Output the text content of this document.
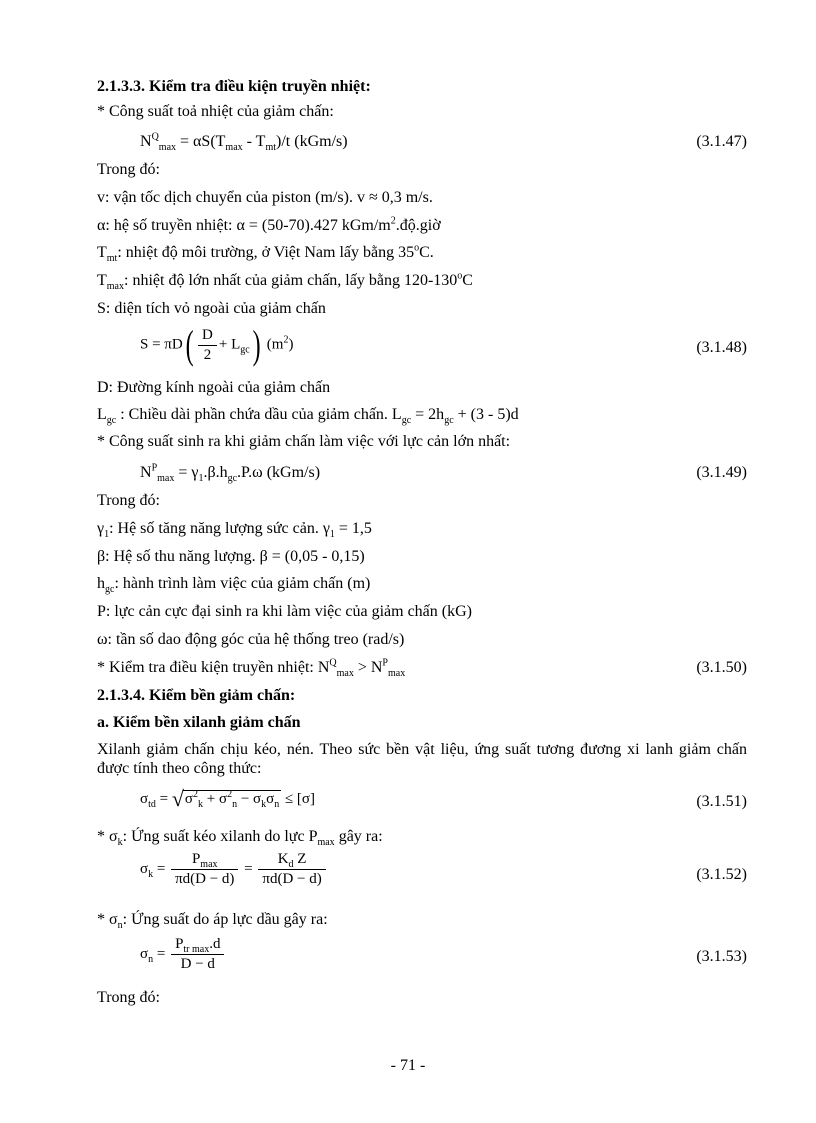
2.1.3.3. Kiểm tra điều kiện truyền nhiệt:
* Công suất toả nhiệt của giảm chấn:
$N^Q_{max} = \alpha S(T_{max} - T_{mt})/t$ (kGm/s)	(3.1.47)
Trong đó:
v: vận tốc dịch chuyển của piston (m/s). v ≈ 0,3 m/s.
α: hệ số truyền nhiệt: α = (50-70).427 kGm/$m^2.độ.giờ$
$T_{mt}$: nhiệt độ môi trường, ở Việt Nam lấy bằng 35$^o$C.
$T_{max}$: nhiệt độ lớn nhất của giảm chấn, lấy bằng 120-130$^o$C
S: diện tích vỏ ngoài của giảm chấn
$S = \pi D( \frac{D}{2} + L_{gc})$ $(m^2)$	(3.1.48)
D: Đường kính ngoài của giảm chấn
$L_{gc}$ : Chiều dài phần chứa dầu của giảm chấn. $L_{gc} = 2h_{gc} + (3 - 5)d$
* Công suất sinh ra khi giảm chấn làm việc với lực cản lớn nhất:
$N^P_{max} = \gamma_1.\beta.h_{gc}.P.\omega$ (kGm/s)	(3.1.49)
Trong đó:
$\gamma_1$: Hệ số tăng năng lượng sức cản. $\gamma_1 = 1,5$
β: Hệ số thu năng lượng. β = (0,05 - 0,15)
$h_{gc}$: hành trình làm việc của giảm chấn (m)
P: lực cản cực đại sinh ra khi làm việc của giảm chấn (kG)
ω: tần số dao động góc của hệ thống treo (rad/s)
* Kiểm tra điều kiện truyền nhiệt: $N^Q_{max} > N^P_{max}$	(3.1.50)
2.1.3.4. Kiểm bền giảm chấn:
a. Kiểm bền xilanh giảm chấn
Xilanh giảm chấn chịu kéo, nén. Theo sức bền vật liệu, ứng suất tương đương xi lanh giảm chấn được tính theo công thức:
$\sigma_{td} = √\sigma^2_k + \sigma^2_n - \sigma_k\sigma_n \le [\sigma]$	(3.1.51)
* $\sigma_k$: Ứng suất kéo xilanh do lực $P_{max}$ gây ra:
$\sigma_k = \frac{P_{max}}{\pi d(D - d)} = \frac{K_d Z}{\pi d(D - d)}$	(3.1.52)
* $\sigma_n$: Ứng suất do áp lực dầu gây ra:
$\sigma_n = \frac{P_{tr max}.d}{D - d}$	(3.1.53)
Trong đó:
- 71 -
